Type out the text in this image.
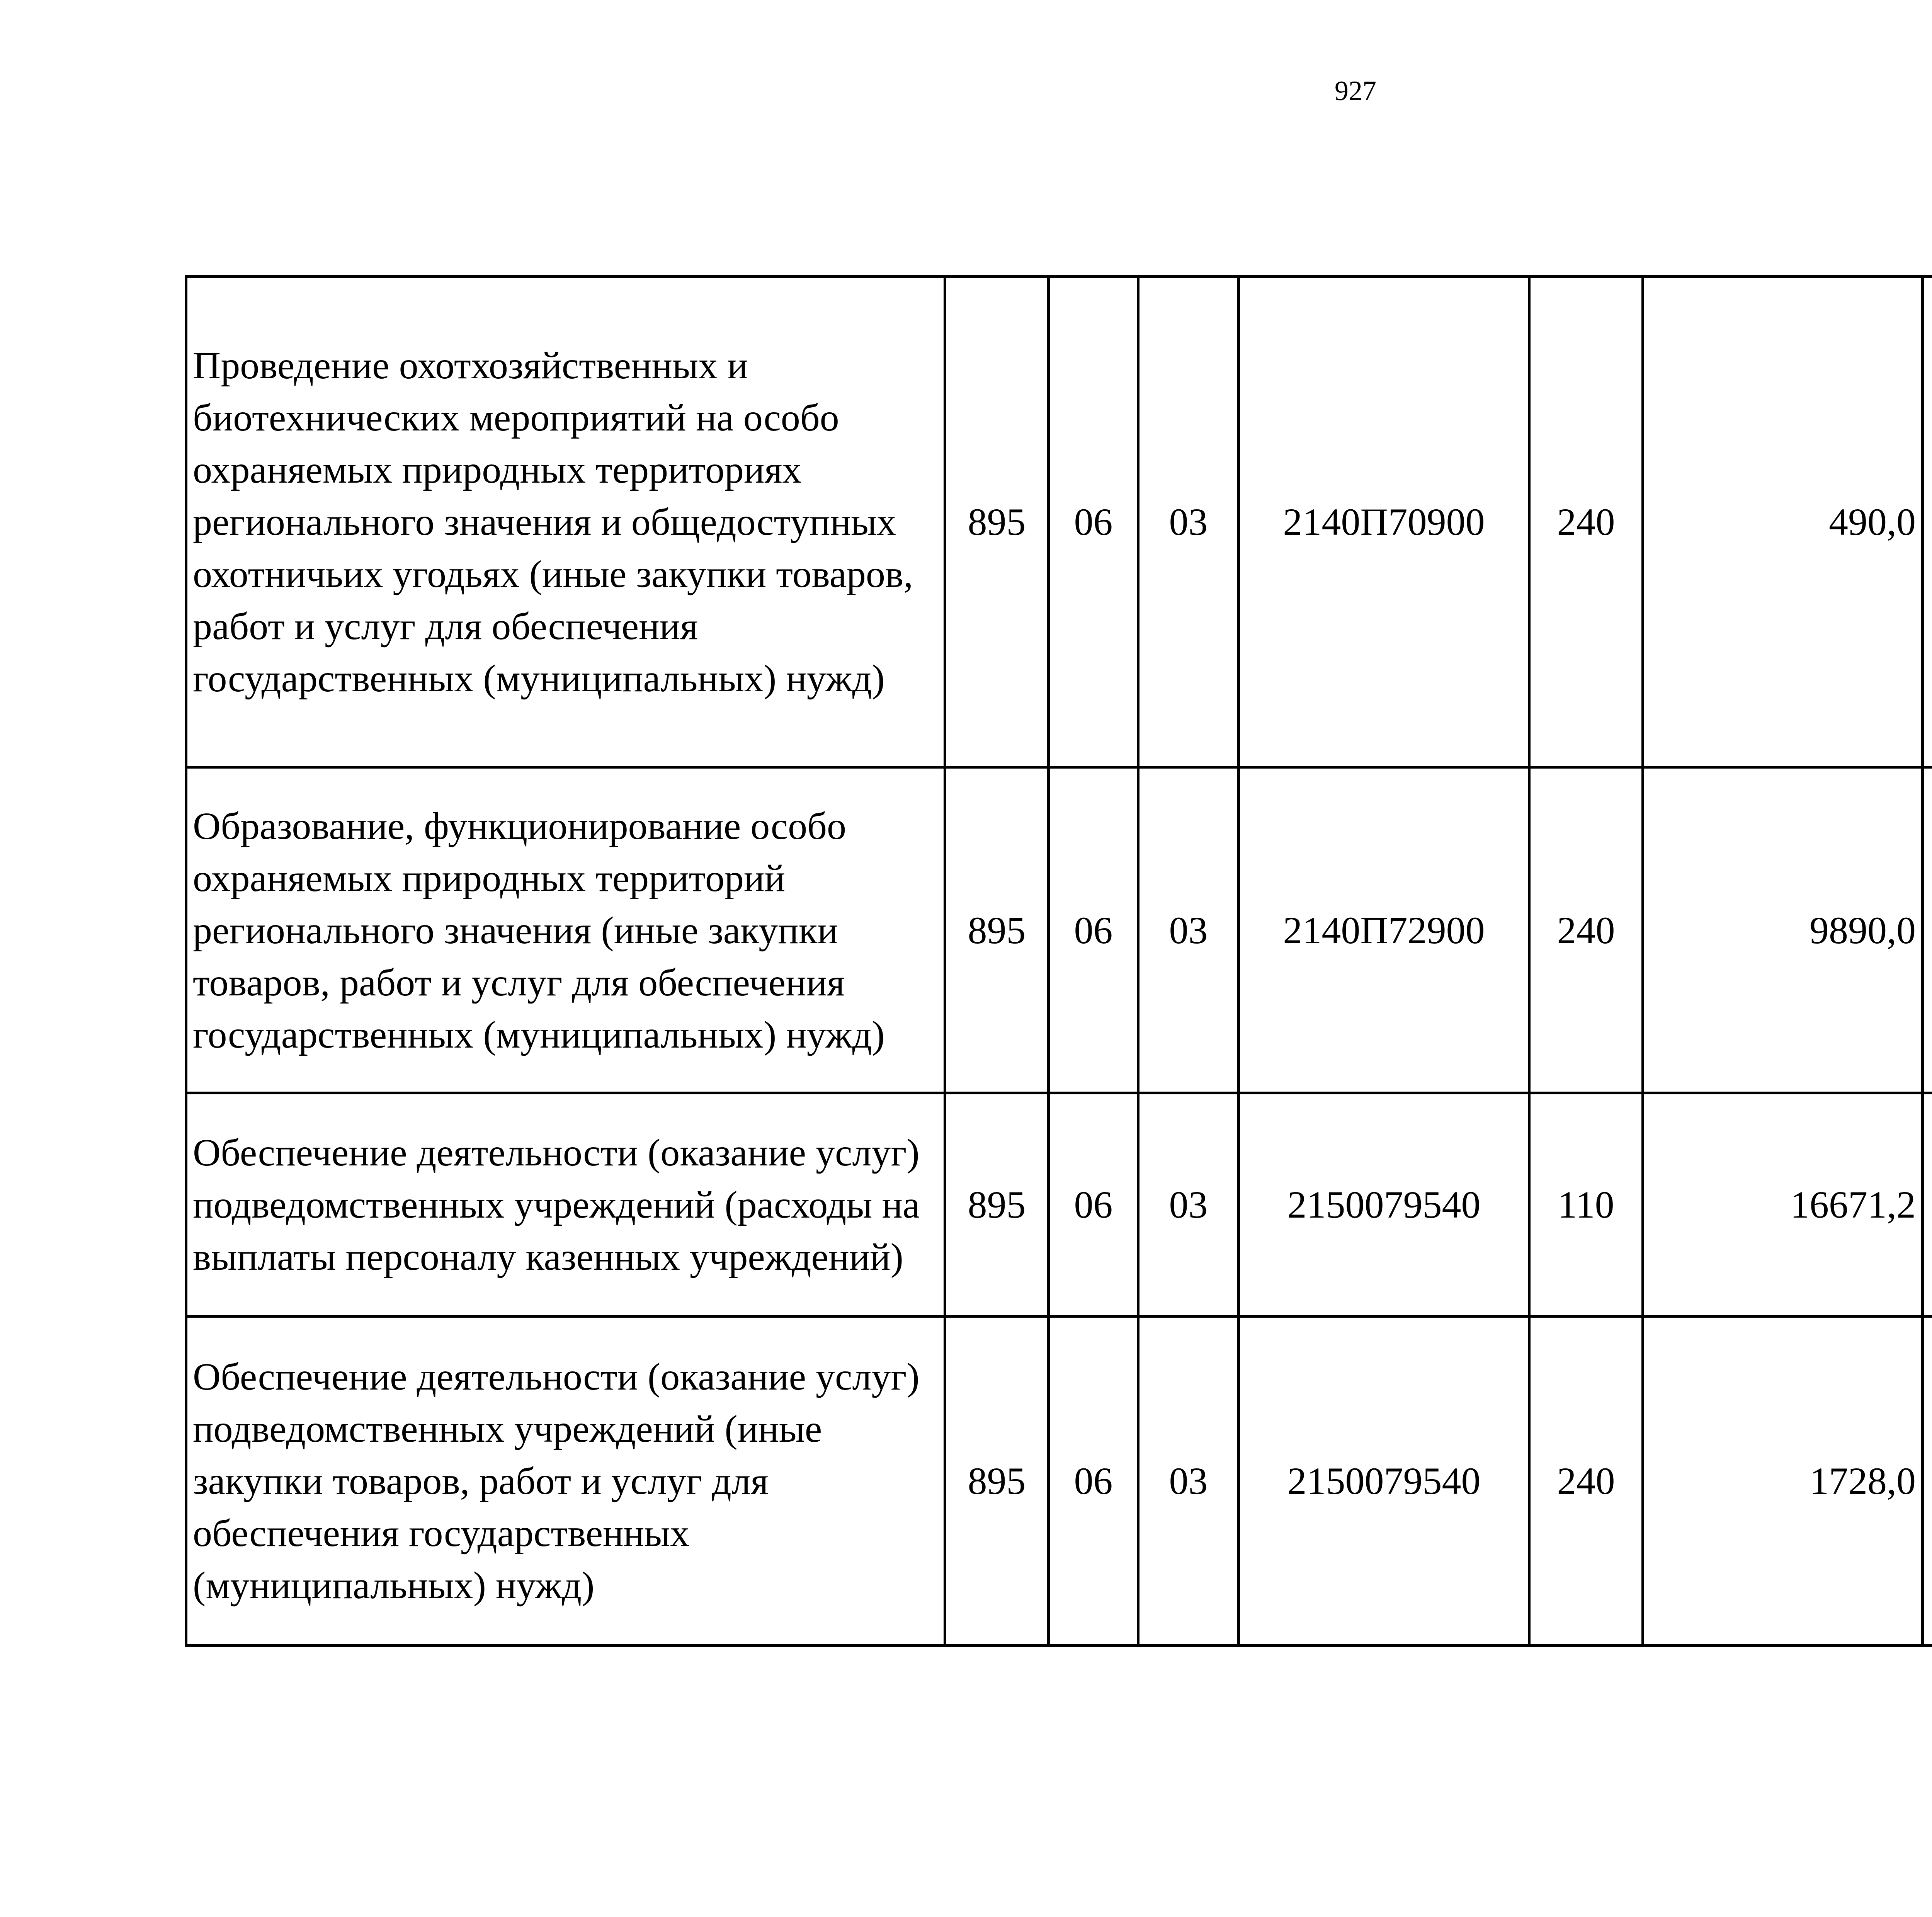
927
Проведение охотхозяйственных и биотехнических мероприятий на особо охраняемых природных территориях регионального значения и общедоступных охотничьих угодьях (иные закупки товаров, работ и услуг для обеспечения государственных (муниципальных) нужд)	895	06	03	2140П70900	240	490,0		
Образование, функционирование особо охраняемых природных территорий регионального значения (иные закупки товаров, работ и услуг для обеспечения государственных (муниципальных) нужд)	895	06	03	2140П72900	240	9890,0		
Обеспечение деятельности (оказание услуг) подведомственных учреждений (расходы на выплаты персоналу казенных учреждений)	895	06	03	2150079540	110	16671,2		
Обеспечение деятельности (оказание услуг) подведомственных учреждений (иные закупки товаров, работ и услуг для обеспечения государственных (муниципальных) нужд)	895	06	03	2150079540	240	1728,0		
